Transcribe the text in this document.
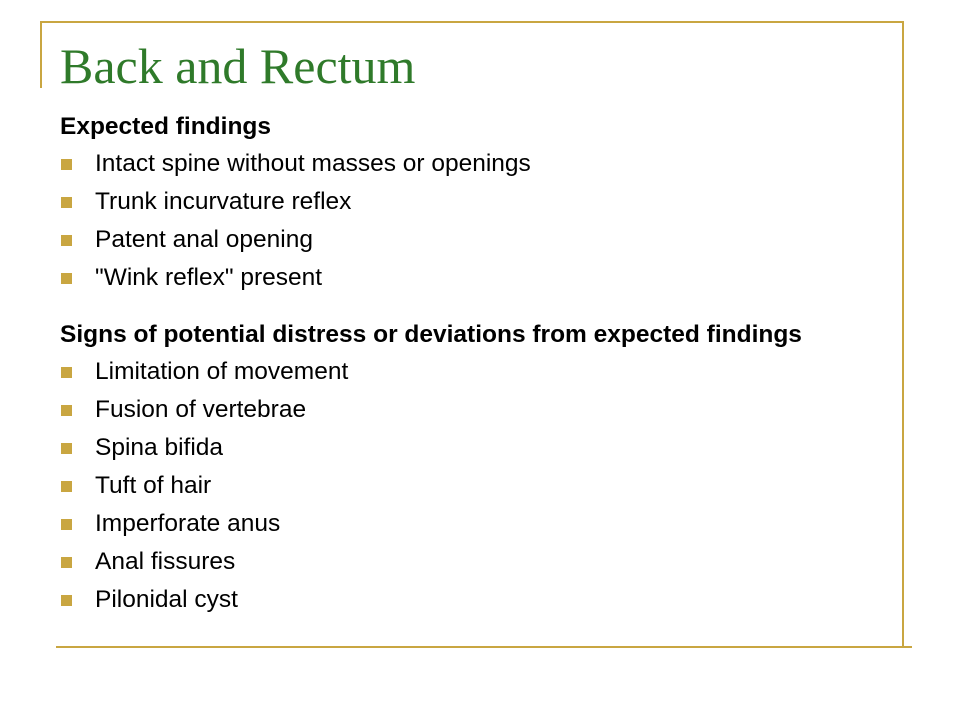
Back and Rectum
Expected findings
Intact spine without masses or openings
Trunk incurvature reflex
Patent anal opening
"Wink reflex" present
Signs of potential distress or deviations from expected findings
Limitation of movement
Fusion of vertebrae
Spina bifida
Tuft of hair
Imperforate anus
Anal fissures
Pilonidal cyst
